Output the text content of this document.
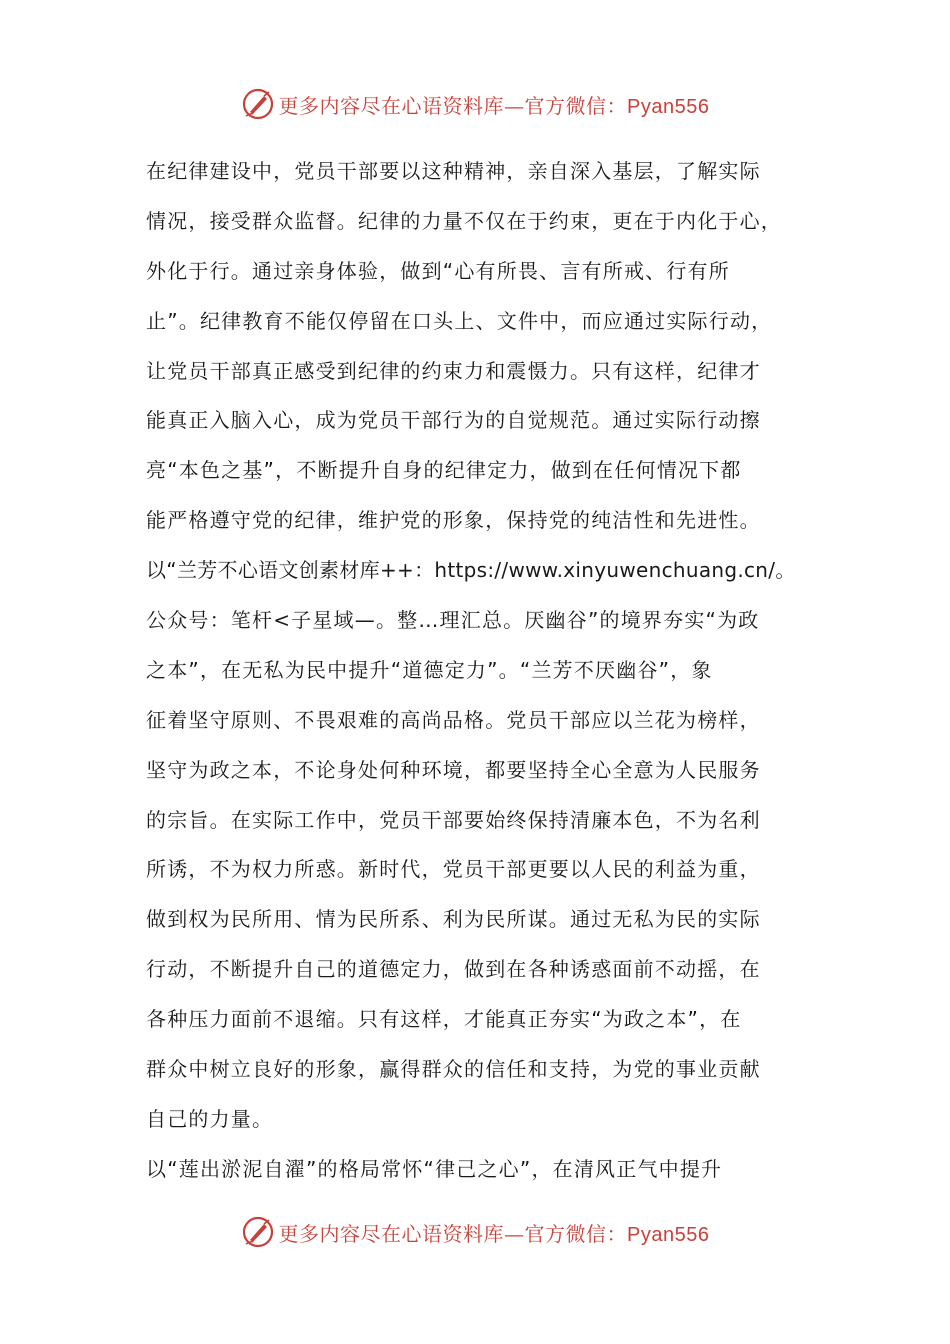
更多内容尽在心语资料库—官方微信：Pyan556
在纪律建设中，党员干部要以这种精神，亲自深入基层，了解实际
情况，接受群众监督。纪律的力量不仅在于约束，更在于内化于心，
外化于行。通过亲身体验，做到“心有所畏、言有所戒、行有所
止”。纪律教育不能仅停留在口头上、文件中，而应通过实际行动，
让党员干部真正感受到纪律的约束力和震慑力。只有这样，纪律才
能真正入脑入心，成为党员干部行为的自觉规范。通过实际行动擦
亮“本色之基”，不断提升自身的纪律定力，做到在任何情况下都
能严格遵守党的纪律，维护党的形象，保持党的纯洁性和先进性。
以“兰芳不心语文创素材库++：https://www.xinyuwenchuang.cn/。
公众号：笔杆<子星域—。整…理汇总。厌幽谷”的境界夯实“为政
之本”，在无私为民中提升“道德定力”。“兰芳不厌幽谷”，象
征着坚守原则、不畏艰难的高尚品格。党员干部应以兰花为榜样，
坚守为政之本，不论身处何种环境，都要坚持全心全意为人民服务
的宗旨。在实际工作中，党员干部要始终保持清廉本色，不为名利
所诱，不为权力所惑。新时代，党员干部更要以人民的利益为重，
做到权为民所用、情为民所系、利为民所谋。通过无私为民的实际
行动，不断提升自己的道德定力，做到在各种诱惑面前不动摇，在
各种压力面前不退缩。只有这样，才能真正夯实“为政之本”，在
群众中树立良好的形象，赢得群众的信任和支持，为党的事业贡献
自己的力量。
以“莲出淤泥自濯”的格局常怀“律己之心”，在清风正气中提升
更多内容尽在心语资料库—官方微信：Pyan556
